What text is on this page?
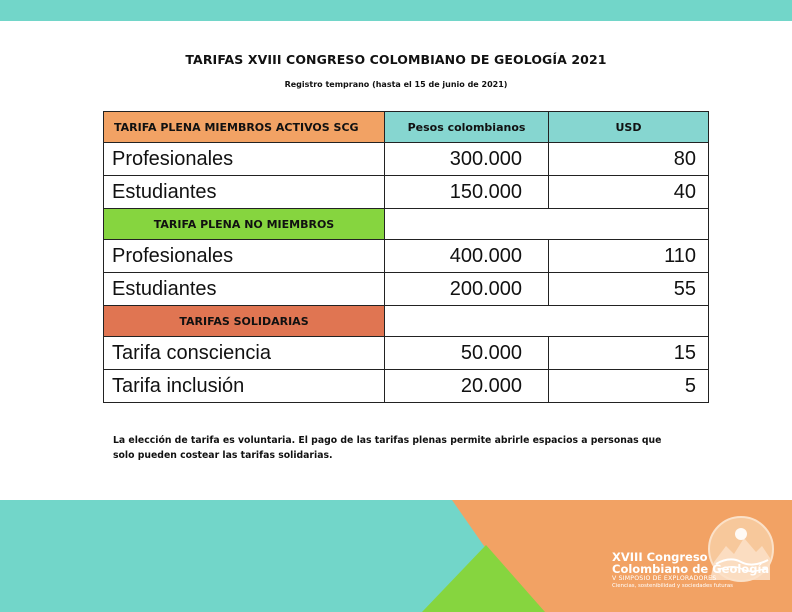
TARIFAS XVIII CONGRESO COLOMBIANO DE GEOLOGÍA 2021
Registro temprano (hasta el 15 de junio de 2021)
TARIFA PLENA MIEMBROS ACTIVOS SCG	Pesos colombianos	USD
Profesionales	300.000	80
Estudiantes	150.000	40
TARIFA PLENA NO MIEMBROS		
Profesionales	400.000	110
Estudiantes	200.000	55
TARIFAS SOLIDARIAS		
Tarifa consciencia	50.000	15
Tarifa inclusión	20.000	5
La elección de tarifa es voluntaria. El pago de las tarifas plenas permite abrirle espacios a personas que
solo pueden costear las tarifas solidarias.
XVIII Congreso
Colombiano de Geología
V SIMPOSIO DE EXPLORADORES
Ciencias, sostenibilidad y sociedades futuras
